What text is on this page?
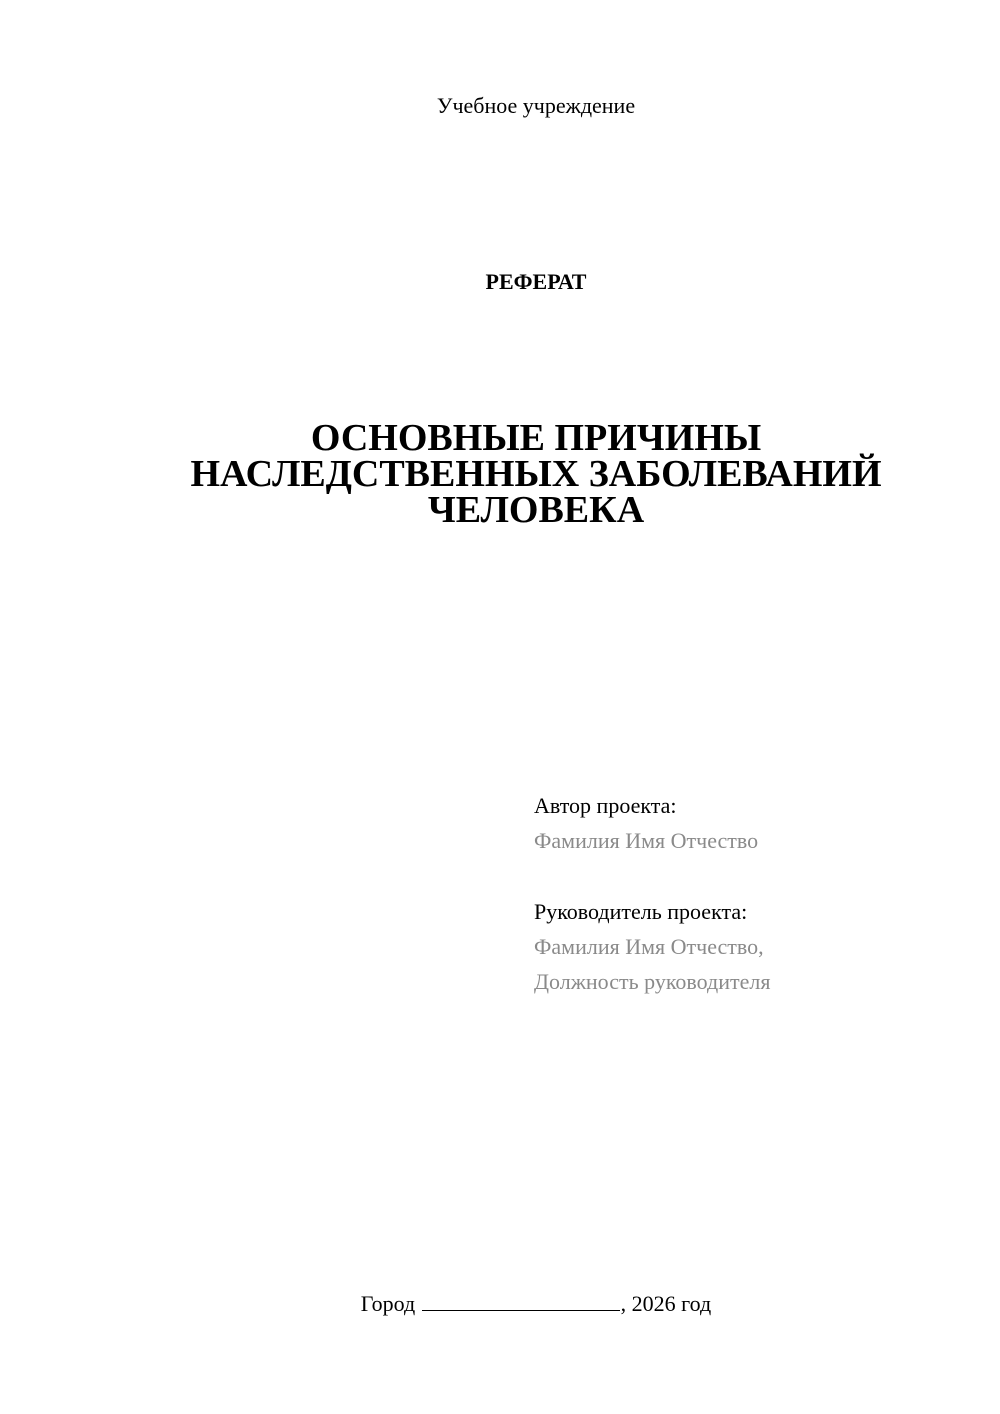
Учебное учреждение
РЕФЕРАТ
ОСНОВНЫЕ ПРИЧИНЫ
НАСЛЕДСТВЕННЫХ ЗАБОЛЕВАНИЙ
ЧЕЛОВЕКА
Автор проекта:
Фамилия Имя Отчество
Руководитель проекта:
Фамилия Имя Отчество,
Должность руководителя
Город	, 2026 год
